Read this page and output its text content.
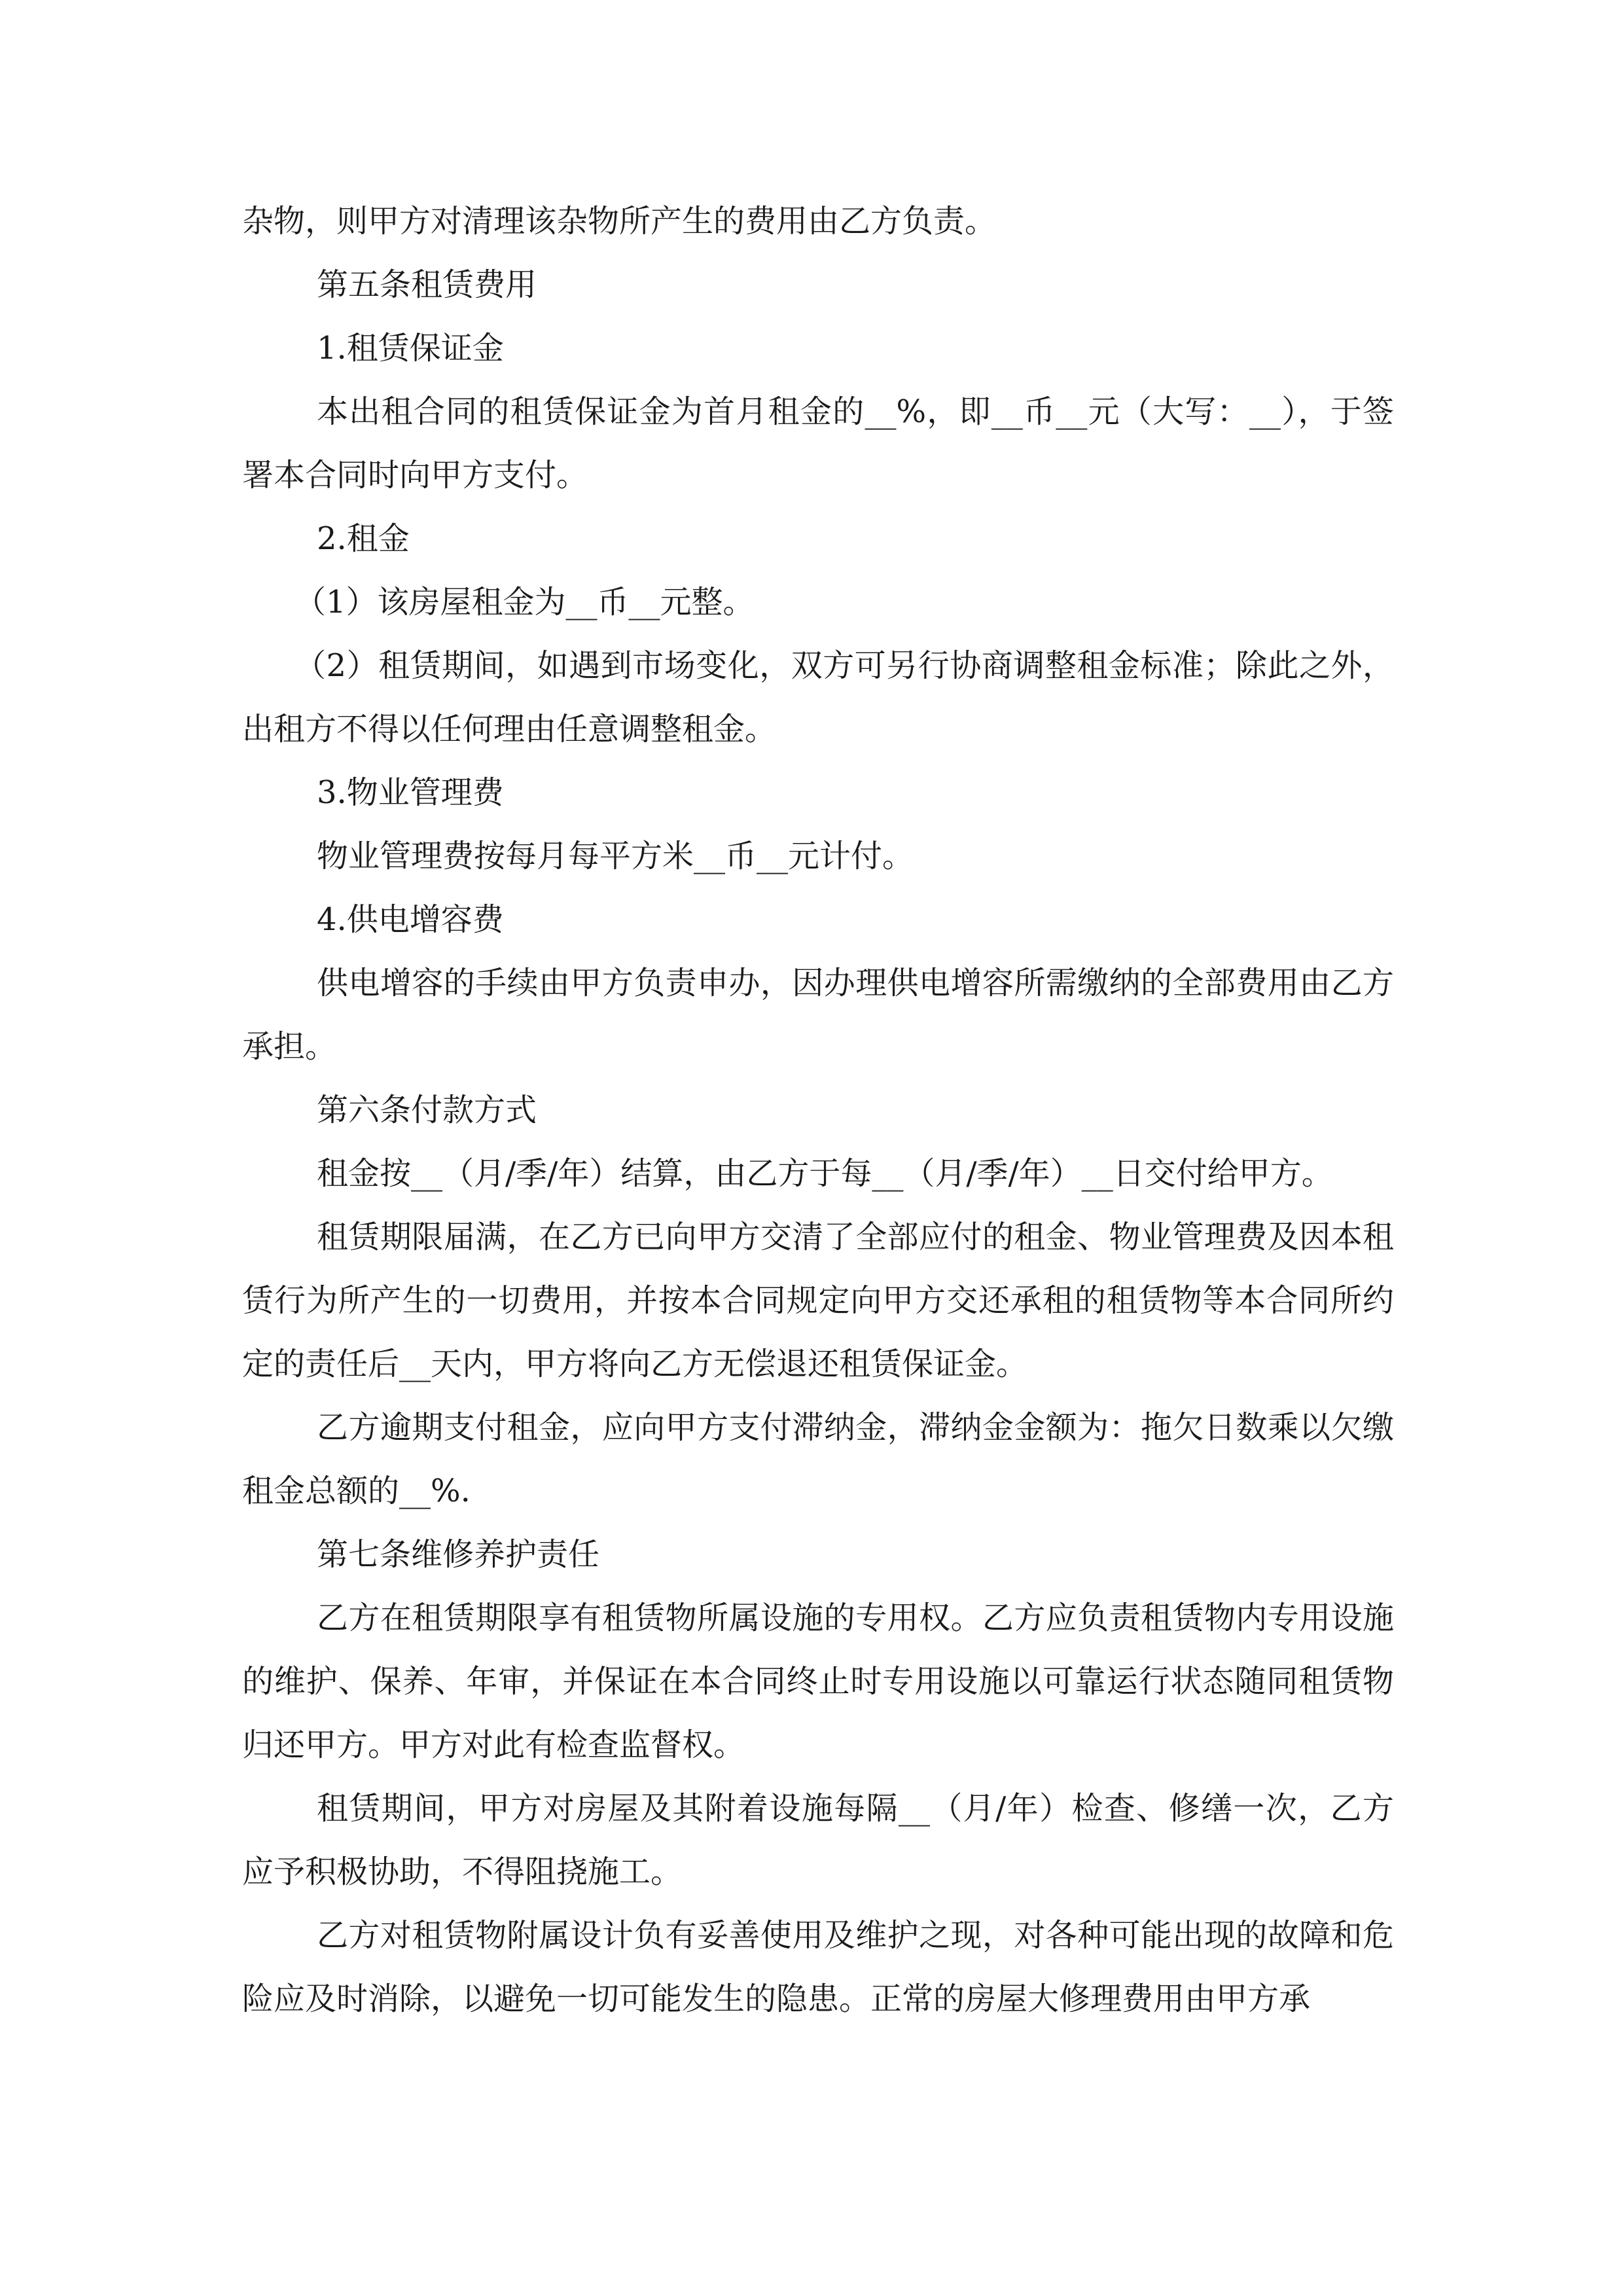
杂物，则甲方对清理该杂物所产生的费用由乙方负责。

第五条租赁费用

1.租赁保证金

本出租合同的租赁保证金为首月租金的__%，即__币__元（大写：__），于签署本合同时向甲方支付。

2.租金

（1）该房屋租金为__币__元整。

（2）租赁期间，如遇到市场变化，双方可另行协商调整租金标准；除此之外，出租方不得以任何理由任意调整租金。

3.物业管理费

物业管理费按每月每平方米__币__元计付。

4.供电增容费

供电增容的手续由甲方负责申办，因办理供电增容所需缴纳的全部费用由乙方承担。

第六条付款方式

租金按__（月/季/年）结算，由乙方于每__（月/季/年）__日交付给甲方。

租赁期限届满，在乙方已向甲方交清了全部应付的租金、物业管理费及因本租赁行为所产生的一切费用，并按本合同规定向甲方交还承租的租赁物等本合同所约定的责任后__天内，甲方将向乙方无偿退还租赁保证金。

乙方逾期支付租金，应向甲方支付滞纳金，滞纳金金额为：拖欠日数乘以欠缴租金总额的__%.

第七条维修养护责任

乙方在租赁期限享有租赁物所属设施的专用权。乙方应负责租赁物内专用设施的维护、保养、年审，并保证在本合同终止时专用设施以可靠运行状态随同租赁物归还甲方。甲方对此有检查监督权。

租赁期间，甲方对房屋及其附着设施每隔__（月/年）检查、修缮一次，乙方应予积极协助，不得阻挠施工。

乙方对租赁物附属设计负有妥善使用及维护之现，对各种可能出现的故障和危险应及时消除，以避免一切可能发生的隐患。正常的房屋大修理费用由甲方承
